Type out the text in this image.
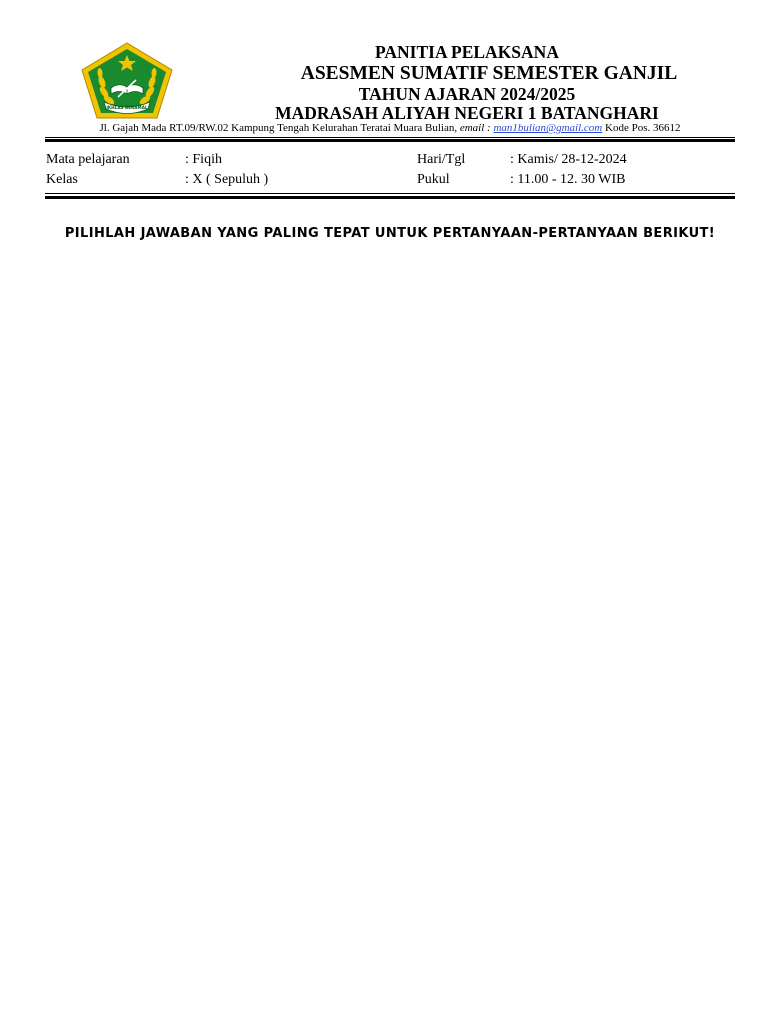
IKHLAS BERAMAL
PANITIA PELAKSANA
ASESMEN SUMATIF SEMESTER GANJIL
TAHUN AJARAN 2024/2025
MADRASAH ALIYAH NEGERI 1 BATANGHARI
Jl. Gajah Mada RT.09/RW.02 Kampung Tengah Kelurahan Teratai Muara Bulian, email : man1bulian@gmail.com Kode Pos. 36612
Mata pelajaran	: Fiqih	Hari/Tgl	: Kamis/ 28-12-2024
Kelas	: X ( Sepuluh )	Pukul	: 11.00 - 12. 30 WIB
PILIHLAH JAWABAN YANG PALING TEPAT UNTUK PERTANYAAN-PERTANYAAN BERIKUT!
